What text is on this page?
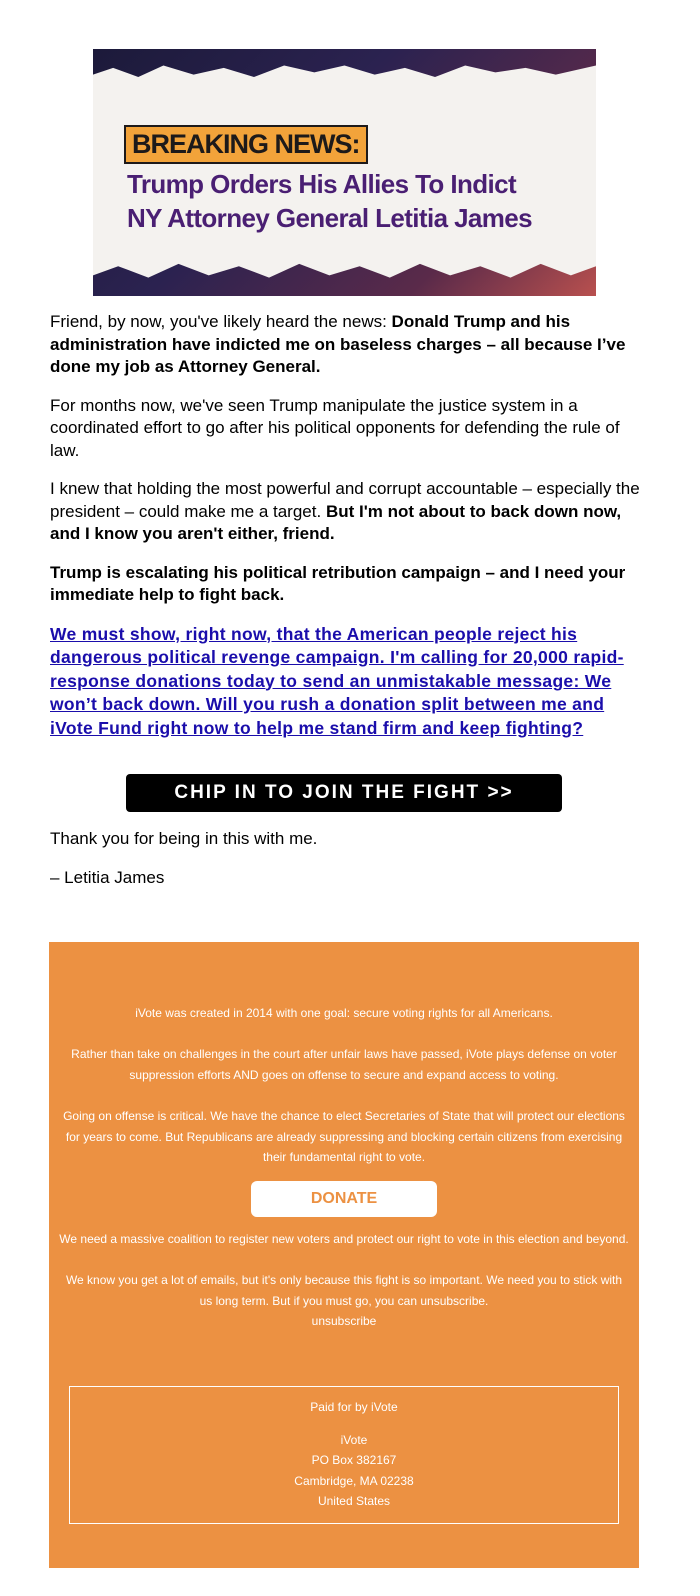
BREAKING NEWS:
Trump Orders His Allies To Indict
NY Attorney General Letitia James

Friend, by now, you've likely heard the news: Donald Trump and his administration have indicted me on baseless charges – all because I’ve done my job as Attorney General.

For months now, we've seen Trump manipulate the justice system in a coordinated effort to go after his political opponents for defending the rule of law.

I knew that holding the most powerful and corrupt accountable – especially the president – could make me a target. But I'm not about to back down now, and I know you aren't either, friend.

Trump is escalating his political retribution campaign – and I need your immediate help to fight back.

We must show, right now, that the American people reject his dangerous political revenge campaign. I'm calling for 20,000 rapid-response donations today to send an unmistakable message: We won’t back down. Will you rush a donation split between me and iVote Fund right now to help me stand firm and keep fighting?

CHIP IN TO JOIN THE FIGHT >>

Thank you for being in this with me.

– Letitia James

iVote was created in 2014 with one goal: secure voting rights for all Americans.

Rather than take on challenges in the court after unfair laws have passed, iVote plays defense on voter suppression efforts AND goes on offense to secure and expand access to voting.

Going on offense is critical. We have the chance to elect Secretaries of State that will protect our elections for years to come. But Republicans are already suppressing and blocking certain citizens from exercising their fundamental right to vote.

DONATE

We need a massive coalition to register new voters and protect our right to vote in this election and beyond.

We know you get a lot of emails, but it's only because this fight is so important. We need you to stick with us long term. But if you must go, you can unsubscribe.

unsubscribe

Paid for by iVote

iVote

PO Box 382167

Cambridge, MA 02238

United States
